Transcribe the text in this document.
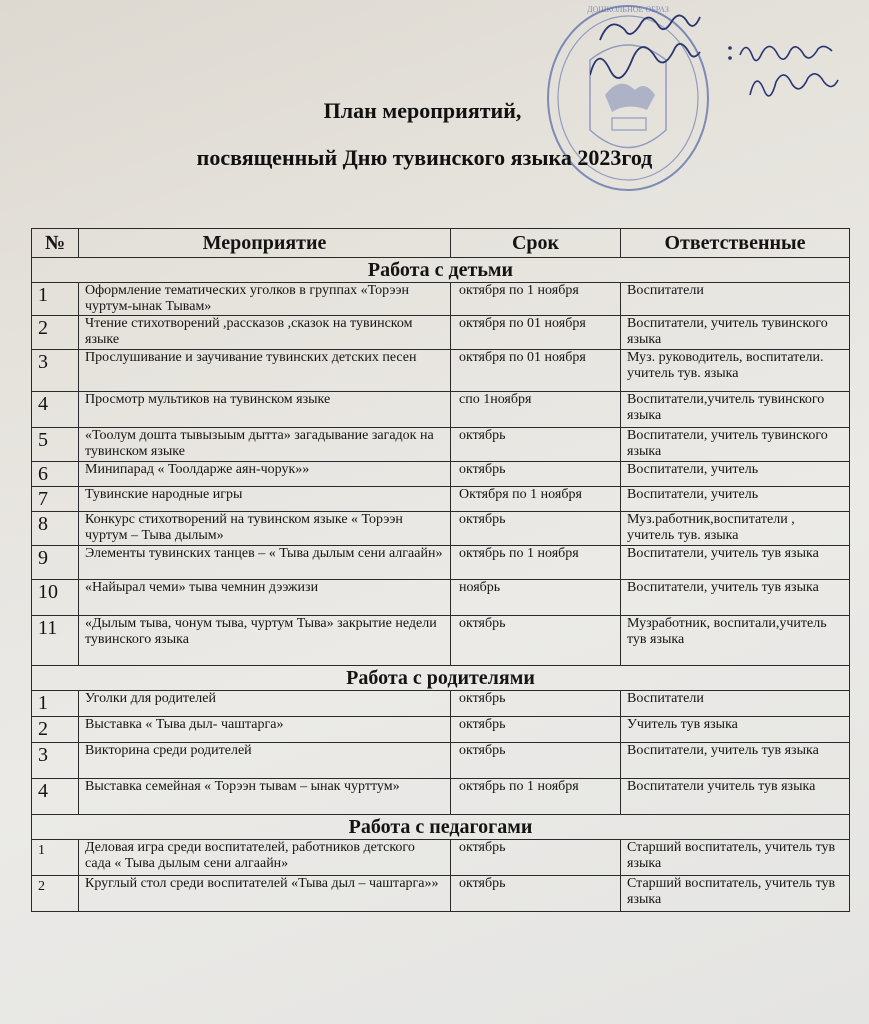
ДОШКОЛЬНОЕ ОБРАЗ
План мероприятий,
посвященный Дню тувинского языка 2023год
№	Мероприятие	Срок	Ответственные
Работа с детьми			
1	Оформление тематических уголков в группах «Торээн чуртум-ынак Тывам»	октября по 1 ноября	Воспитатели
2	Чтение стихотворений ,рассказов ,сказок на тувинском языке	октября по 01 ноября	Воспитатели, учитель тувинского языка
3	Прослушивание и заучивание тувинских детских песен	октября по 01 ноября	Муз. руководитель, воспитатели. учитель тув. языка
4	Просмотр мультиков на тувинском языке	спо 1ноября	Воспитатели,учитель тувинского языка
5	«Тоолум дошта тывызыым дытта» загадывание загадок на тувинском языке	октябрь	Воспитатели, учитель тувинского языка
6	Минипарад « Тоолдарже аян-чорук»»	октябрь	Воспитатели, учитель
7	Тувинские народные игры	Октября по 1 ноября	Воспитатели, учитель
8	Конкурс стихотворений на тувинском языке « Торээн чуртум – Тыва дылым»	октябрь	Муз.работник,воспитатели , учитель тув. языка
9	Элементы тувинских танцев – « Тыва дылым сени алгаайн»	октябрь по 1 ноября	Воспитатели, учитель тув языка
10	«Найырал чеми» тыва чемнин дээжизи	ноябрь	Воспитатели, учитель тув языка
11	«Дылым тыва, чонум тыва, чуртум Тыва» закрытие недели тувинского языка	октябрь	Музработник, воспитали,учитель тув языка
Работа с родителями			
1	Уголки для родителей	октябрь	Воспитатели
2	Выставка « Тыва дыл- чаштарга»	октябрь	Учитель тув языка
3	Викторина среди родителей	октябрь	Воспитатели, учитель тув языка
4	Выставка семейная « Торээн тывам – ынак чурттум»	октябрь по 1 ноября	Воспитатели учитель тув языка
Работа с педагогами			
1	Деловая игра среди воспитателей, работников детского сада « Тыва дылым сени алгаайн»	октябрь	Старший воспитатель, учитель тув языка
2	Круглый стол среди воспитателей «Тыва дыл – чаштарга»»	октябрь	Старший воспитатель, учитель тув языка
